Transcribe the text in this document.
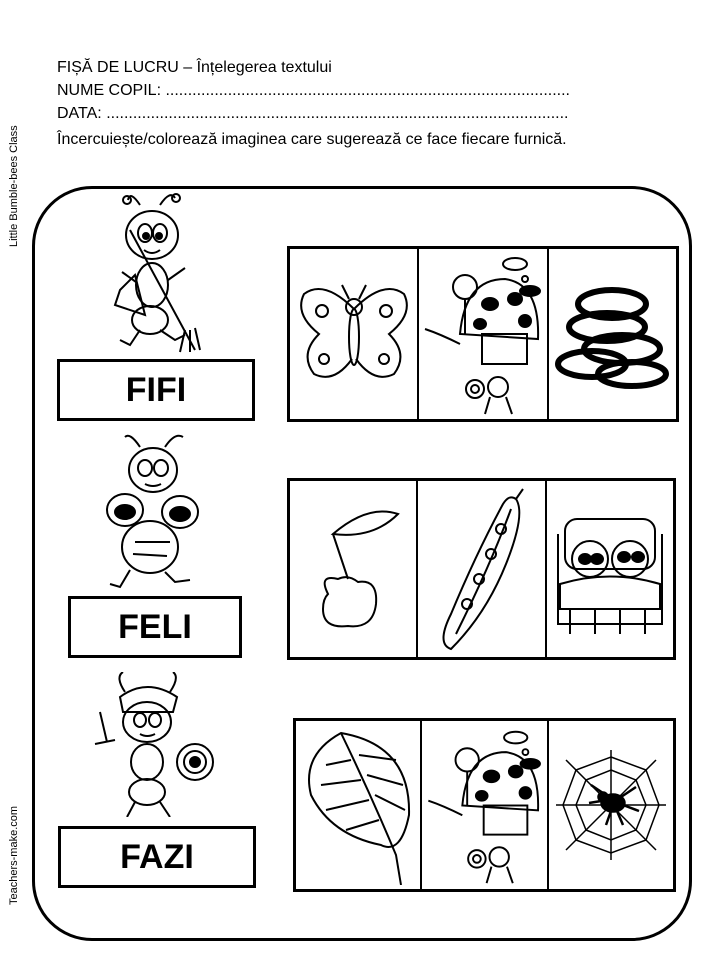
FIȘĂ DE LUCRU – Înțelegerea textului
NUME COPIL: ...........................................................................................
DATA: ........................................................................................................
Încercuiește/colorează imaginea care sugerează ce face fiecare furnică.
Little Bumble-bees Class
Teachers-make.com
FIFI
FELI
FAZI
